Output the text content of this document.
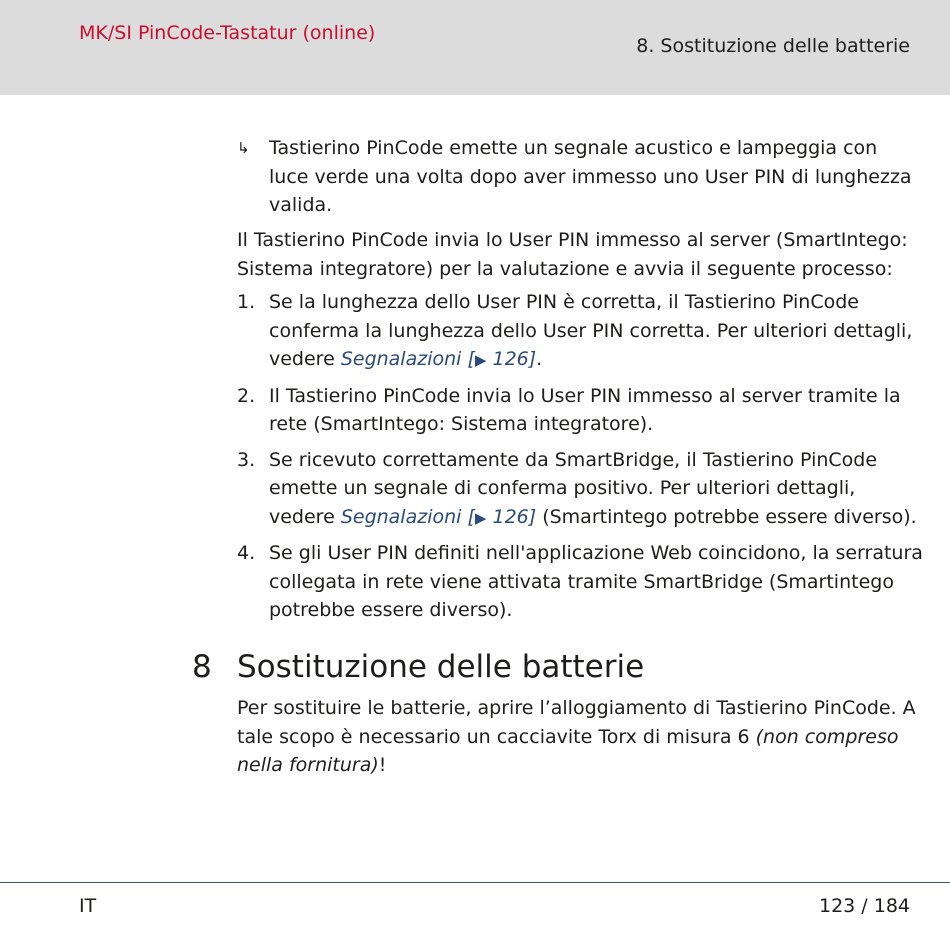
MK/SI PinCode-Tastatur (online)
8. Sostituzione delle batterie
↳	Tastierino PinCode emette un segnale acustico e lampeggia con luce verde una volta dopo aver immesso uno User PIN di lunghezza valida.
Il Tastierino PinCode invia lo User PIN immesso al server (SmartIntego: Sistema integratore) per la valutazione e avvia il seguente processo:
1. Se la lunghezza dello User PIN è corretta, il Tastierino PinCode conferma la lunghezza dello User PIN corretta. Per ulteriori dettagli, vedere Segnalazioni [▶ 126].
2. Il Tastierino PinCode invia lo User PIN immesso al server tramite la rete (SmartIntego: Sistema integratore).
3. Se ricevuto correttamente da SmartBridge, il Tastierino PinCode emette un segnale di conferma positivo. Per ulteriori dettagli, vedere Segnalazioni [▶ 126] (Smartintego potrebbe essere diverso).
4. Se gli User PIN definiti nell'applicazione Web coincidono, la serratura collegata in rete viene attivata tramite SmartBridge (Smartintego potrebbe essere diverso).
8 Sostituzione delle batterie
Per sostituire le batterie, aprire l’alloggiamento di Tastierino PinCode. A tale scopo è necessario un cacciavite Torx di misura 6 (non compreso nella fornitura)!
IT	123 / 184
